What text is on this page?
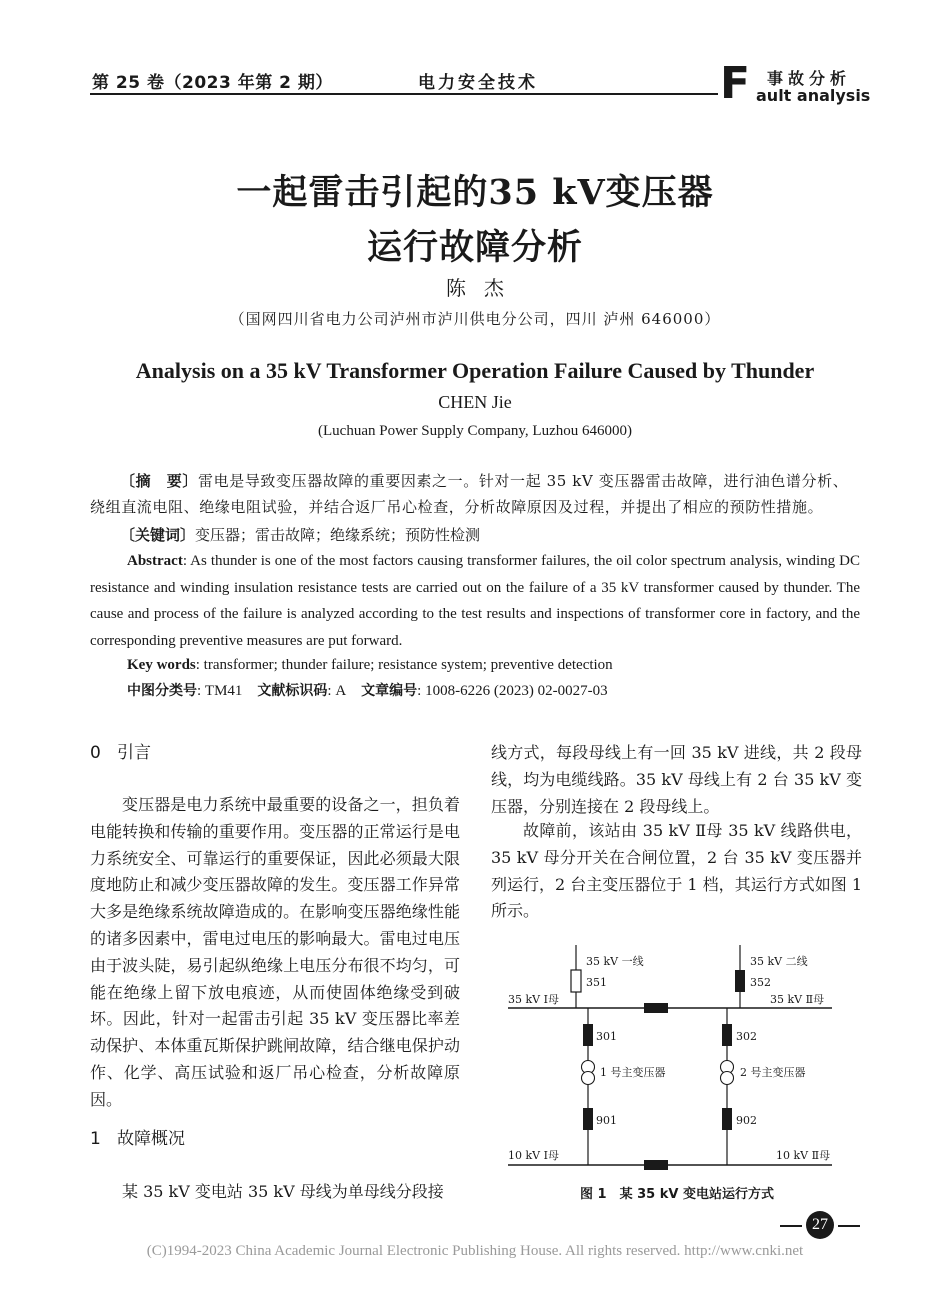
第 25 卷（2023 年第 2 期）	电力安全技术	F 事故分析
ault analysis
一起雷击引起的35 kV变压器
运行故障分析
陈杰
（国网四川省电力公司泸州市泸川供电分公司，四川 泸州 646000）
Analysis on a 35 kV Transformer Operation Failure Caused by Thunder
CHEN Jie
(Luchuan Power Supply Company, Luzhou 646000)
〔摘　要〕雷电是导致变压器故障的重要因素之一。针对一起 35 kV 变压器雷击故障，进行油色谱分析、绕组直流电阻、绝缘电阻试验，并结合返厂吊心检查，分析故障原因及过程，并提出了相应的预防性措施。
〔关键词〕变压器；雷击故障；绝缘系统；预防性检测
Abstract: As thunder is one of the most factors causing transformer failures, the oil color spectrum analysis, winding DC resistance and winding insulation resistance tests are carried out on the failure of a 35 kV transformer caused by thunder. The cause and process of the failure is analyzed according to the test results and inspections of transformer core in factory, and the corresponding preventive measures are put forward.
Key words: transformer; thunder failure; resistance system; preventive detection
中图分类号: TM41 文献标识码: A 文章编号: 1008-6226 (2023) 02-0027-03
0 引言
变压器是电力系统中最重要的设备之一，担负着电能转换和传输的重要作用。变压器的正常运行是电力系统安全、可靠运行的重要保证，因此必须最大限度地防止和减少变压器故障的发生。变压器工作异常大多是绝缘系统故障造成的。在影响变压器绝缘性能的诸多因素中，雷电过电压的影响最大。雷电过电压由于波头陡，易引起纵绝缘上电压分布很不均匀，可能在绝缘上留下放电痕迹，从而使固体绝缘受到破坏。因此，针对一起雷击引起 35 kV 变压器比率差动保护、本体重瓦斯保护跳闸故障，结合继电保护动作、化学、高压试验和返厂吊心检查，分析故障原因。
1 故障概况
某 35 kV 变电站 35 kV 母线为单母线分段接
线方式，每段母线上有一回 35 kV 进线，共 2 段母线，均为电缆线路。35 kV 母线上有 2 台 35 kV 变压器，分别连接在 2 段母线上。
故障前，该站由 35 kV Ⅱ母 35 kV 线路供电，35 kV 母分开关在合闸位置，2 台 35 kV 变压器并列运行，2 台主变压器位于 1 档，其运行方式如图 1 所示。
35 kV 一线
351
35 kV Ⅰ母
35 kV 二线
352
35 kV Ⅱ母
301
1 号主变压器
901
302
2 号主变压器
902
10 kV Ⅰ母	10 kV Ⅱ母
图 1　某 35 kV 变电站运行方式
27
(C)1994-2023 China Academic Journal Electronic Publishing House. All rights reserved. http://www.cnki.net
